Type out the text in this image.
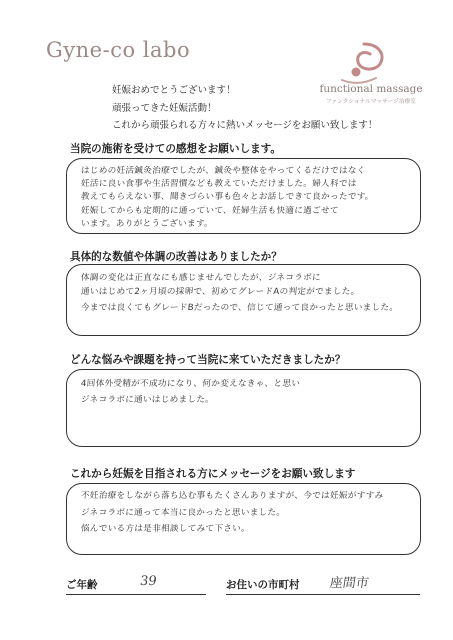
Gyne-co labo
functional massage
ファンクショナルマッサージ治療室
妊娠おめでとうございます！
頑張ってきた妊娠活動！
これから頑張られる方々に熱いメッセージをお願い致します！
当院の施術を受けての感想をお願いします。
はじめの妊活鍼灸治療でしたが、鍼灸や整体をやってくるだけではなく
妊活に良い食事や生活習慣なども教えていただけました。婦人科では
教えてもらえない事、聞きづらい事も色々とお話しできて良かったです。
妊娠してからも定期的に通っていて、妊婦生活も快適に過ごせて
います。ありがとうございます。
具体的な数値や体調の改善はありましたか？
体調の変化は正直なにも感じませんでしたが、ジネコラボに
通いはじめて2ヶ月頃の採卵で、初めてグレードAの判定がでました。
今までは良くてもグレードBだったので、信じて通って良かったと思いました。
どんな悩みや課題を持って当院に来ていただきましたか？
4回体外受精が不成功になり、何か変えなきゃ、と思い
ジネコラボに通いはじめました。
これから妊娠を目指される方にメッセージをお願い致します
不妊治療をしながら落ち込む事もたくさんありますが、今では妊娠がすすみ
ジネコラボに通って本当に良かったと思いました。
悩んでいる方は是非相談してみて下さい。
ご年齢	39	お住いの市町村 座間市
